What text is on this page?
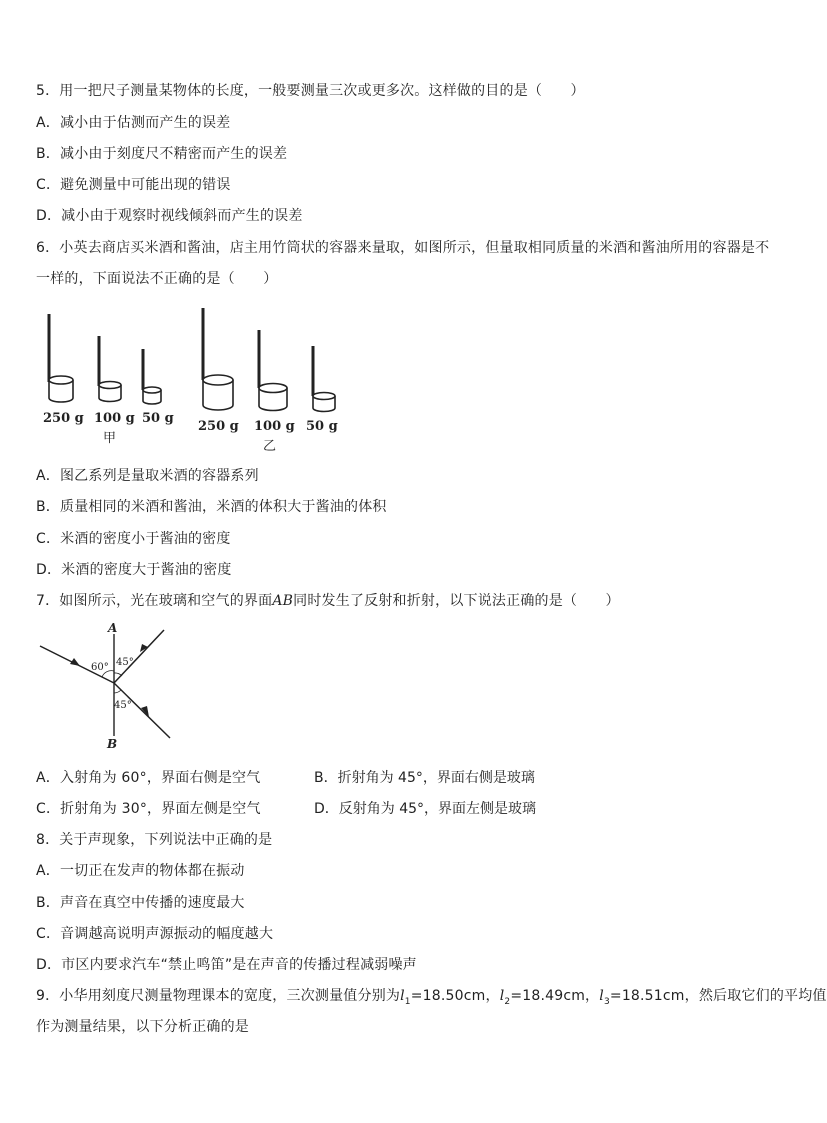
5．用一把尺子测量某物体的长度，一般要测量三次或更多次。这样做的目的是（　　）
A．减小由于估测而产生的误差
B．减小由于刻度尺不精密而产生的误差
C．避免测量中可能出现的错误
D．减小由于观察时视线倾斜而产生的误差
6．小英去商店买米酒和酱油，店主用竹筒状的容器来量取，如图所示，但量取相同质量的米酒和酱油所用的容器是不
一样的，下面说法不正确的是（　　）
250 g 100 g 50 g
甲
250 g 100 g 50 g
乙
A．图乙系列是量取米酒的容器系列
B．质量相同的米酒和酱油，米酒的体积大于酱油的体积
C．米酒的密度小于酱油的密度
D．米酒的密度大于酱油的密度
7．如图所示，光在玻璃和空气的界面AB同时发生了反射和折射，以下说法正确的是（　　）
A
B
60° 45°
45°
A．入射角为 60°，界面右侧是空气	B．折射角为 45°，界面右侧是玻璃
C．折射角为 30°，界面左侧是空气	D．反射角为 45°，界面左侧是玻璃
8．关于声现象，下列说法中正确的是
A．一切正在发声的物体都在振动
B．声音在真空中传播的速度最大
C．音调越高说明声源振动的幅度越大
D．市区内要求汽车“禁止鸣笛”是在声音的传播过程减弱噪声
9．小华用刻度尺测量物理课本的宽度，三次测量值分别为$l_1=18.50cm$，$l_2=18.49cm$，$l_3=18.51cm$，然后取它们的平均值
作为测量结果，以下分析正确的是
